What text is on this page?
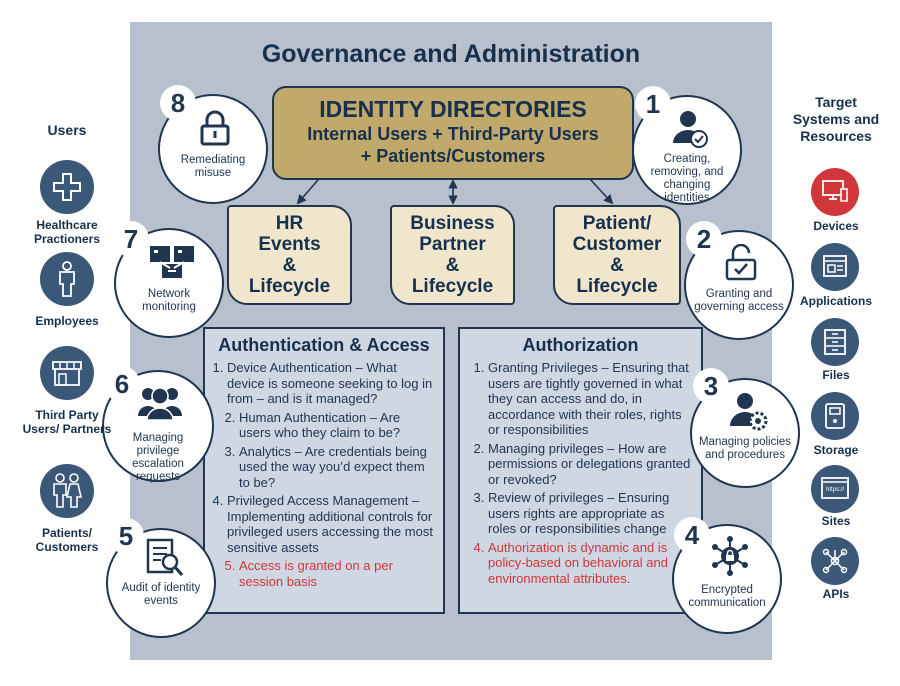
Governance and Administration
IDENTITY DIRECTORIES
Internal Users + Third-Party Users
+ Patients/Customers
HR
Events
&
Lifecycle
Business
Partner
&
Lifecycle
Patient/
Customer
&
Lifecycle
Authentication & Access
1. Device Authentication – What device is someone seeking to log in from – and is it managed?
2. Human Authentication – Are users who they claim to be?
3. Analytics – Are credentials being used the way you’d expect them to be?
4. Privileged Access Management – Implementing additional controls for privileged users accessing the most sensitive assets
5. Access is granted on a per session basis
Authorization
1. Granting Privileges – Ensuring that users are tightly governed in what they can access and do, in accordance with their roles, rights or responsibilities
2. Managing privileges – How are permissions or delegations granted or revoked?
3. Review of privileges – Ensuring users rights are appropriate as roles or responsibilities change
4. Authorization is dynamic and is policy-based on behavioral and environmental attributes.
Remediating misuse
8
Creating, removing, and changing identities
1
Network monitoring
7
Granting and governing access
2
Managing privilege escalation requests
6
Managing policies and procedures
3
Audit of identity events
5
Encrypted communication
4
Users
Healthcare Practioners
Employees
Third Party Users/ Partners
Patients/ Customers
Target Systems and Resources
Devices
Applications
Files
Storage
https://
Sites
APIs
